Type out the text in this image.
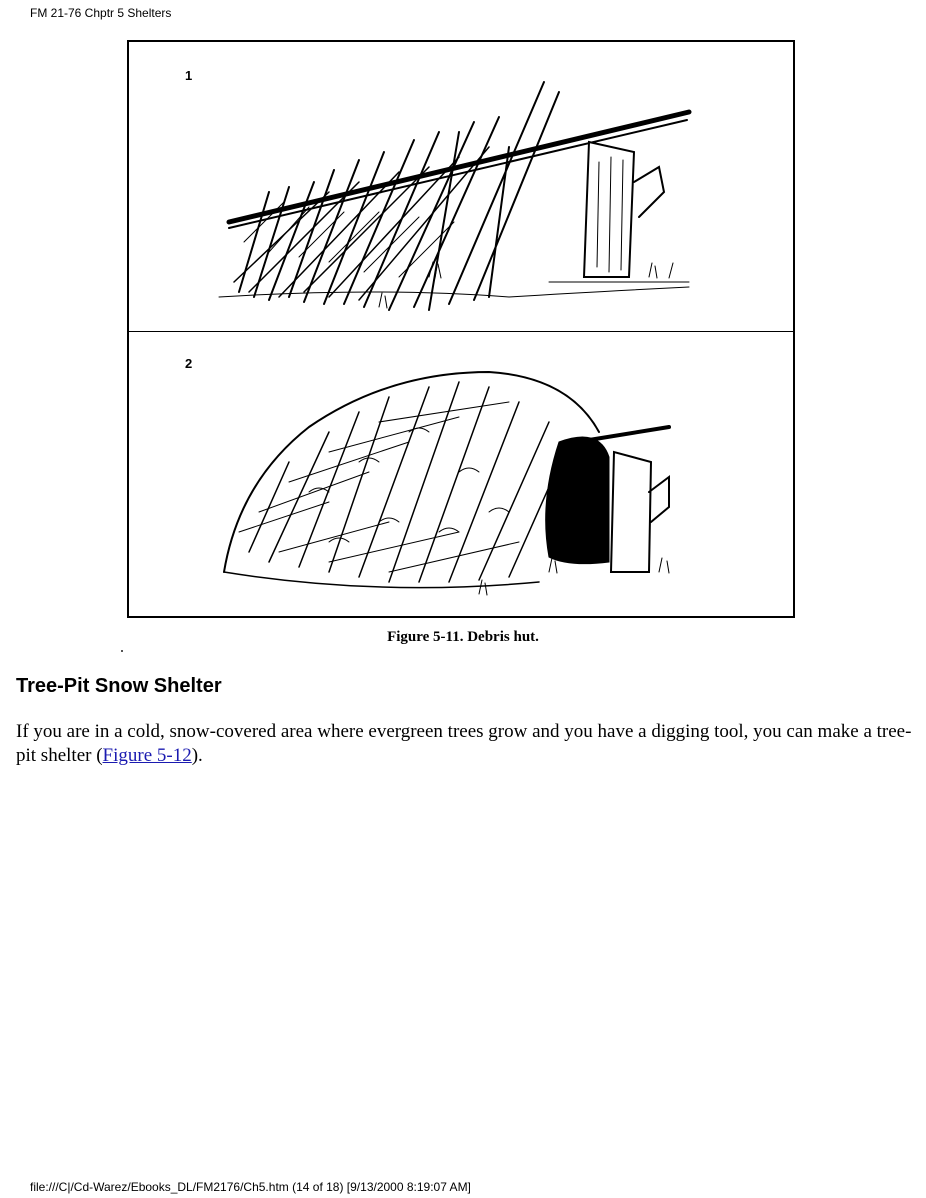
FM 21-76 Chptr 5 Shelters
1
2
Figure 5-11. Debris hut.
Tree-Pit Snow Shelter
If you are in a cold, snow-covered area where evergreen trees grow and you have a digging tool, you can make a tree-pit shelter (Figure 5-12).
file:///C|/Cd-Warez/Ebooks_DL/FM2176/Ch5.htm (14 of 18) [9/13/2000 8:19:07 AM]
